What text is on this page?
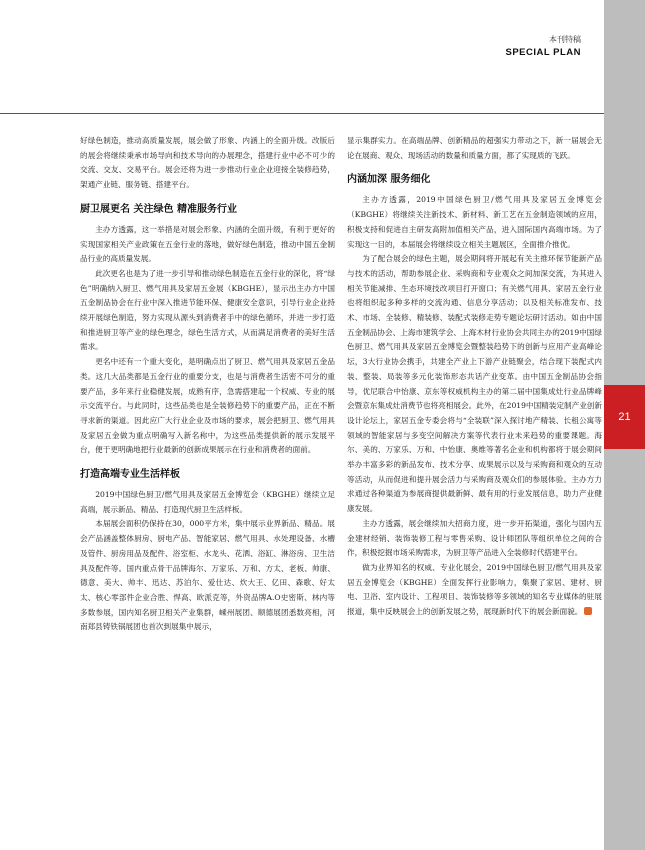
本刊特稿
SPECIAL PLAN
21

好绿色制造，推动高质量发展，展会做了形象、内涵上的全面升级。改版后的展会将继续秉承市场导向和技术导向的办展理念，搭建行业中必不可少的交流、交友、交易平台。展会还将为进一步推动行业企业迎接全装修趋势，架通产业链、服务链、搭建平台。

厨卫展更名 关注绿色 精准服务行业

主办方透露，这一举措是对展会形象、内涵的全面升级，有利于更好的实现国家相关产业政策在五金行业的落地，做好绿色制造，推动中国五金制品行业的高质量发展。

此次更名也是为了进一步引导和推动绿色制造在五金行业的深化，将“绿色”明确纳入厨卫、燃气用具及家居五金展（KBGHE），显示出主办方中国五金制品协会在行业中深入推进节能环保、健康安全意识，引导行业企业持续开展绿色制造，努力实现从源头到消费者手中的绿色循环，并进一步打造和推进厨卫等产业的绿色理念，绿色生活方式，从而满足消费者的美好生活需求。

更名中还有一个重大变化，是明确点出了厨卫、燃气用具及家居五金品类。这几大品类都是五金行业的重要分支，也是与消费者生活密不可分的重要产品，多年来行业稳健发展，成熟有序，急需搭建起一个权威、专业的展示交流平台。与此同时，这些品类也是全装修趋势下的重要产品，正在不断寻求新的渠道。因此应广大行业企业及市场的要求，展会把厨卫、燃气用具及家居五金做为重点明确写入新名称中，为这些品类提供新的展示发展平台，便于更明确地把行业最新的创新成果展示在行业和消费者的面前。

打造高端专业生活样板

2019中国绿色厨卫/燃气用具及家居五金博览会（KBGHE）继续立足高端，展示新品、精品、打造现代厨卫生活样板。

本届展会面积仍保持在30，000平方米，集中展示业界新品、精品。展会产品涵盖整体厨房、厨电产品、智能家居、燃气用具、水处理设备、水槽及管件、厨房用品及配件、浴室柜、水龙头、花洒、浴缸、淋浴房、卫生洁具及配件等。国内重点骨干品牌海尔、万家乐、万和、方太、老板、帅康、德意、美大、帅丰、迅达、苏泊尔、爱仕达、炊大王、亿田、森歌、好太太、核心零部件企业合胜、悍高、欧派克等，外资品牌A.O史密斯、林内等多数参展，国内知名厨卫相关产业集群，嵊州展团、顺德展团悉数亮相，河南郑县铸铁锅展团也首次到展集中展示，

显示集群实力。在高端品牌、创新精品的超强实力带动之下，新一届展会无论在展商、观众、现场活动的数量和质量方面，都了实现质的飞跃。

内涵加深 服务细化

主办方透露，2019中国绿色厨卫/燃气用具及家居五金博览会（KBGHE）将继续关注新技术、新材料、新工艺在五金制造领域的应用，积极支持和促进自主研发高附加值相关产品，进入国际国内高端市场。为了实现这一目的，本届展会将继续设立相关主题展区，全面推介推优。

为了配合展会的绿色主题，展会期间将开展起有关主推环保节能新产品与技术的活动，帮助参展企业、采购商和专业观众之间加深交流，为其进入相关节能减排、生态环境技改项目打开窗口；有关燃气用具、家居五金行业也将组织起多种多样的交流沟通、信息分享活动；以及相关标准发布、技术、市场、全装修、精装修、装配式装修走势专题论坛研讨活动。如由中国五金制品协会、上海市建筑学会、上海木材行业协会共同主办的2019中国绿色厨卫、燃气用具及家居五金博览会暨整装趋势下的创新与应用产业高峰论坛，3大行业协会携手，共建全产业上下游产业链聚会，结合现下装配式内装、整装、局装等多元化装饰形态共话产业变革。由中国五金制品协会指导，优尼联合中怡康、京东等权威机构主办的第二届中国集成灶行业品牌峰会暨京东集成灶消费节也将亮相展会。此外，在2019中国精装定制产业创新设计论坛上，家居五金专委会将与“全装联”深入探讨地产精装、长租公寓等领域的智能家居与多变空间解决方案等代表行业未来趋势的重要课题。海尔、美的、万家乐、万和、中怡康、奥维等著名企业和机构都将于展会期间举办丰富多彩的新品发布、技术分享、成果展示以及与采购商和观众的互动等活动，从而促进和提升展会活力与采购商及观众们的参展体验。主办方力求通过各种渠道为参展商提供最新鲜、最有用的行业发展信息，助力产业健康发展。

主办方透露，展会继续加大招商力度，进一步开拓渠道，强化与国内五金建材经销、装饰装修工程与零售采购、设计师团队等组织单位之间的合作，积极挖掘市场采购需求，为厨卫等产品进入全装修时代搭建平台。

做为业界知名的权威、专业化展会，2019中国绿色厨卫/燃气用具及家居五金博览会（KBGHE）全面发挥行业影响力，集聚了家居、建材、厨电、卫浴、室内设计、工程项目、装饰装修等多领域的知名专业媒体的驻展报道，集中反映展会上的创新发展之势，展现新时代下的展会新面貌。
